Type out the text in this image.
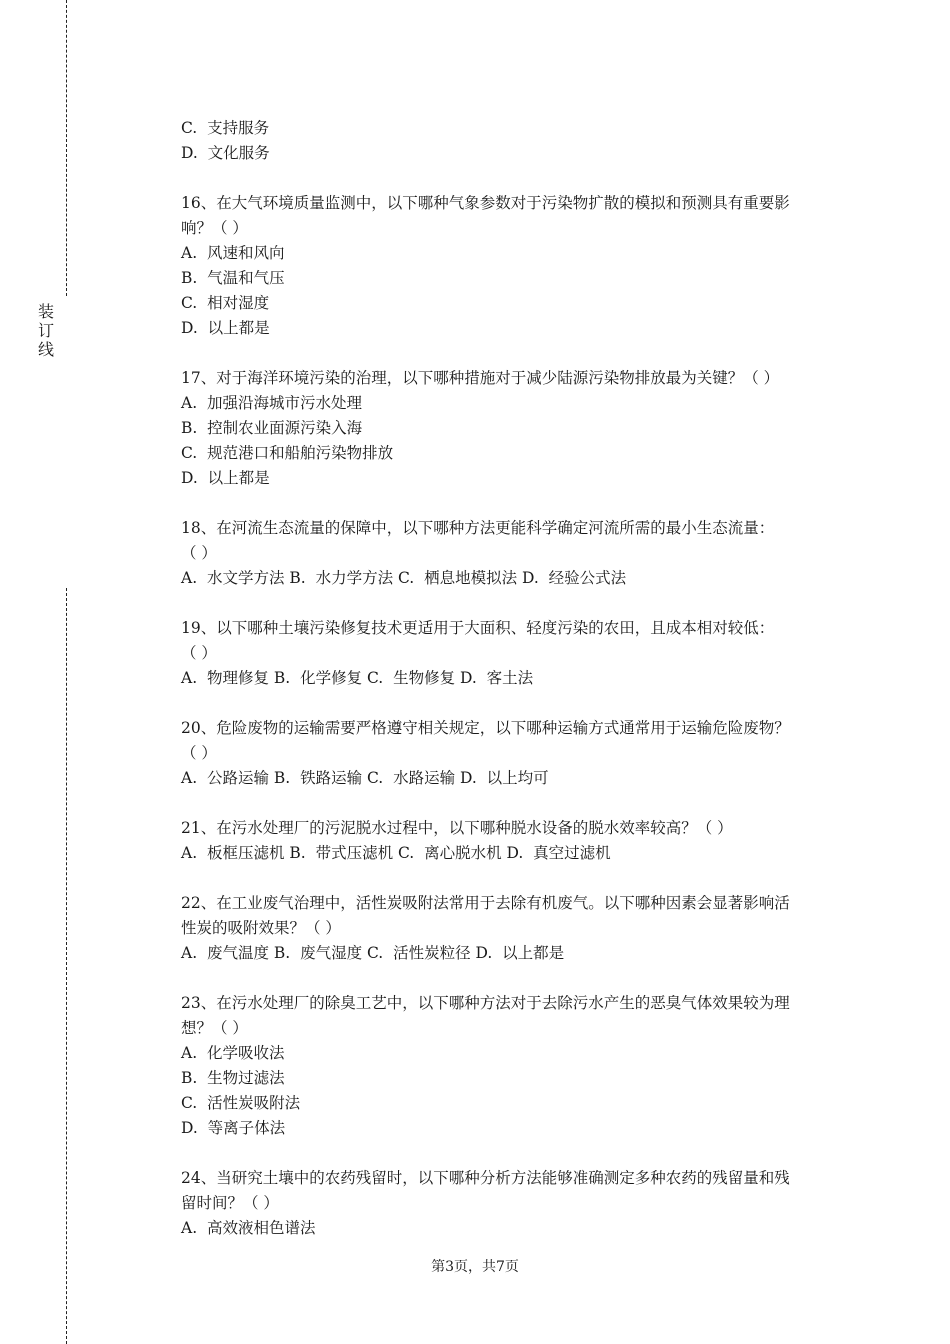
装订线

C.  支持服务

D.  文化服务

16、在大气环境质量监测中，以下哪种气象参数对于污染物扩散的模拟和预测具有重要影

响？（ ）

A.  风速和风向

B.  气温和气压

C.  相对湿度

D.  以上都是

17、对于海洋环境污染的治理，以下哪种措施对于减少陆源污染物排放最为关键？（ ）

A.  加强沿海城市污水处理

B.  控制农业面源污染入海

C.  规范港口和船舶污染物排放

D.  以上都是

18、在河流生态流量的保障中，以下哪种方法更能科学确定河流所需的最小生态流量：

（ ）

A.  水文学方法 B.  水力学方法 C.  栖息地模拟法 D.  经验公式法

19、以下哪种土壤污染修复技术更适用于大面积、轻度污染的农田，且成本相对较低：

（ ）

A.  物理修复 B.  化学修复 C.  生物修复 D.  客土法

20、危险废物的运输需要严格遵守相关规定，以下哪种运输方式通常用于运输危险废物？

（ ）

A.  公路运输 B.  铁路运输 C.  水路运输 D.  以上均可

21、在污水处理厂的污泥脱水过程中，以下哪种脱水设备的脱水效率较高？（ ）

A.  板框压滤机 B.  带式压滤机 C.  离心脱水机 D.  真空过滤机

22、在工业废气治理中，活性炭吸附法常用于去除有机废气。以下哪种因素会显著影响活

性炭的吸附效果？（ ）

A.  废气温度 B.  废气湿度 C.  活性炭粒径 D.  以上都是

23、在污水处理厂的除臭工艺中，以下哪种方法对于去除污水产生的恶臭气体效果较为理

想？（ ）

A.  化学吸收法

B.  生物过滤法

C.  活性炭吸附法

D.  等离子体法

24、当研究土壤中的农药残留时，以下哪种分析方法能够准确测定多种农药的残留量和残

留时间？（ ）

A.  高效液相色谱法

第3页，共7页
